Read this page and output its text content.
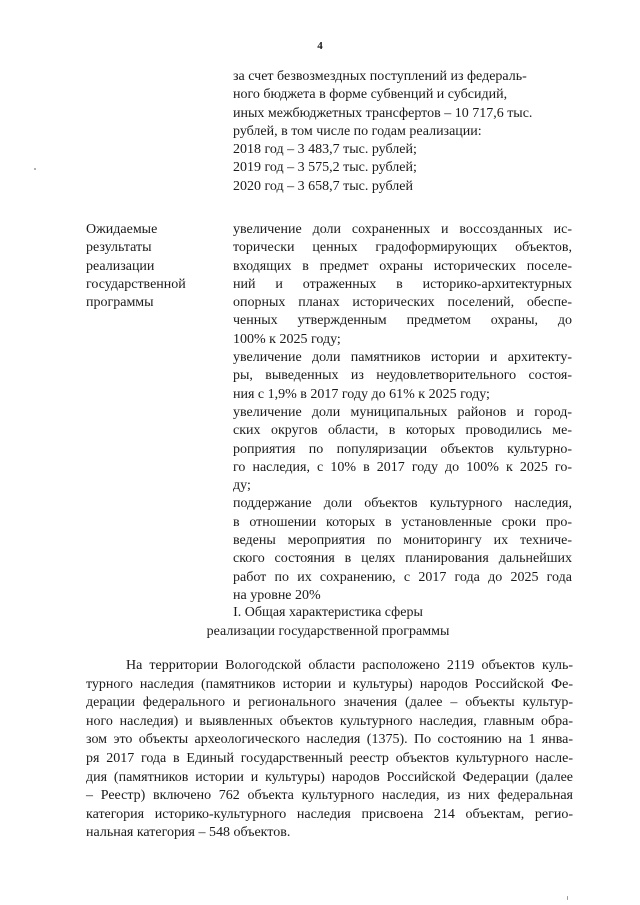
4
за счет безвозмездных поступлений из федераль-
ного бюджета в форме субвенций и субсидий,
иных межбюджетных трансфертов – 10 717,6 тыс.
рублей, в том числе по годам реализации:
2018 год – 3 483,7 тыс. рублей;
2019 год – 3 575,2 тыс. рублей;
2020 год – 3 658,7 тыс. рублей
Ожидаемые
результаты
реализации
государственной
программы
увеличение доли сохраненных и воссозданных ис-
торически ценных градоформирующих объектов,
входящих в предмет охраны исторических поселе-
ний и отраженных в историко-архитектурных
опорных планах исторических поселений, обеспе-
ченных утвержденным предметом охраны, до
100% к 2025 году;
увеличение доли памятников истории и архитекту-
ры, выведенных из неудовлетворительного состоя-
ния с 1,9% в 2017 году до 61% к 2025 году;
увеличение доли муниципальных районов и город-
ских округов области, в которых проводились ме-
роприятия по популяризации объектов культурно-
го наследия, с 10% в 2017 году до 100% к 2025 го-
ду;
поддержание доли объектов культурного наследия,
в отношении которых в установленные сроки про-
ведены мероприятия по мониторингу их техниче-
ского состояния в целях планирования дальнейших
работ по их сохранению, с 2017 года до 2025 года
на уровне 20%
I. Общая характеристика сферы
реализации государственной программы
На территории Вологодской области расположено 2119 объектов куль-
турного наследия (памятников истории и культуры) народов Российской Фе-
дерации федерального и регионального значения (далее – объекты культур-
ного наследия) и выявленных объектов культурного наследия, главным обра-
зом это объекты археологического наследия (1375). По состоянию на 1 янва-
ря 2017 года в Единый государственный реестр объектов культурного насле-
дия (памятников истории и культуры) народов Российской Федерации (далее
– Реестр) включено 762 объекта культурного наследия, из них федеральная
категория историко-культурного наследия присвоена 214 объектам, регио-
нальная категория – 548 объектов.
